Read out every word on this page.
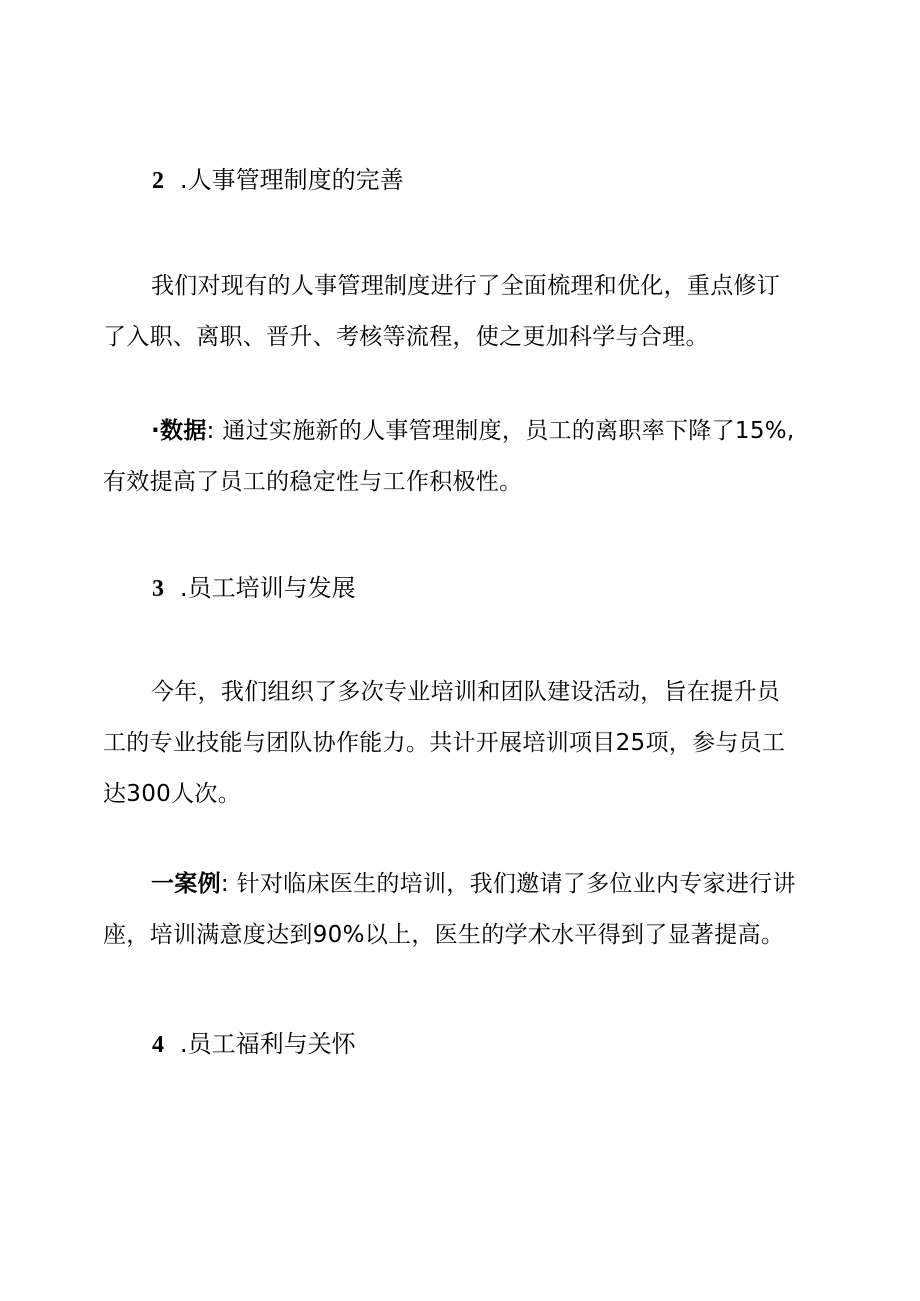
2 .人事管理制度的完善
我们对现有的人事管理制度进行了全面梳理和优化，重点修订了入职、离职、晋升、考核等流程，使之更加科学与合理。
·数据: 通过实施新的人事管理制度，员工的离职率下降了15%,有效提高了员工的稳定性与工作积极性。
3 .员工培训与发展
今年，我们组织了多次专业培训和团队建设活动，旨在提升员工的专业技能与团队协作能力。共计开展培训项目25项，参与员工达300人次。
一案例: 针对临床医生的培训，我们邀请了多位业内专家进行讲座，培训满意度达到90%以上，医生的学术水平得到了显著提高。
4 .员工福利与关怀
